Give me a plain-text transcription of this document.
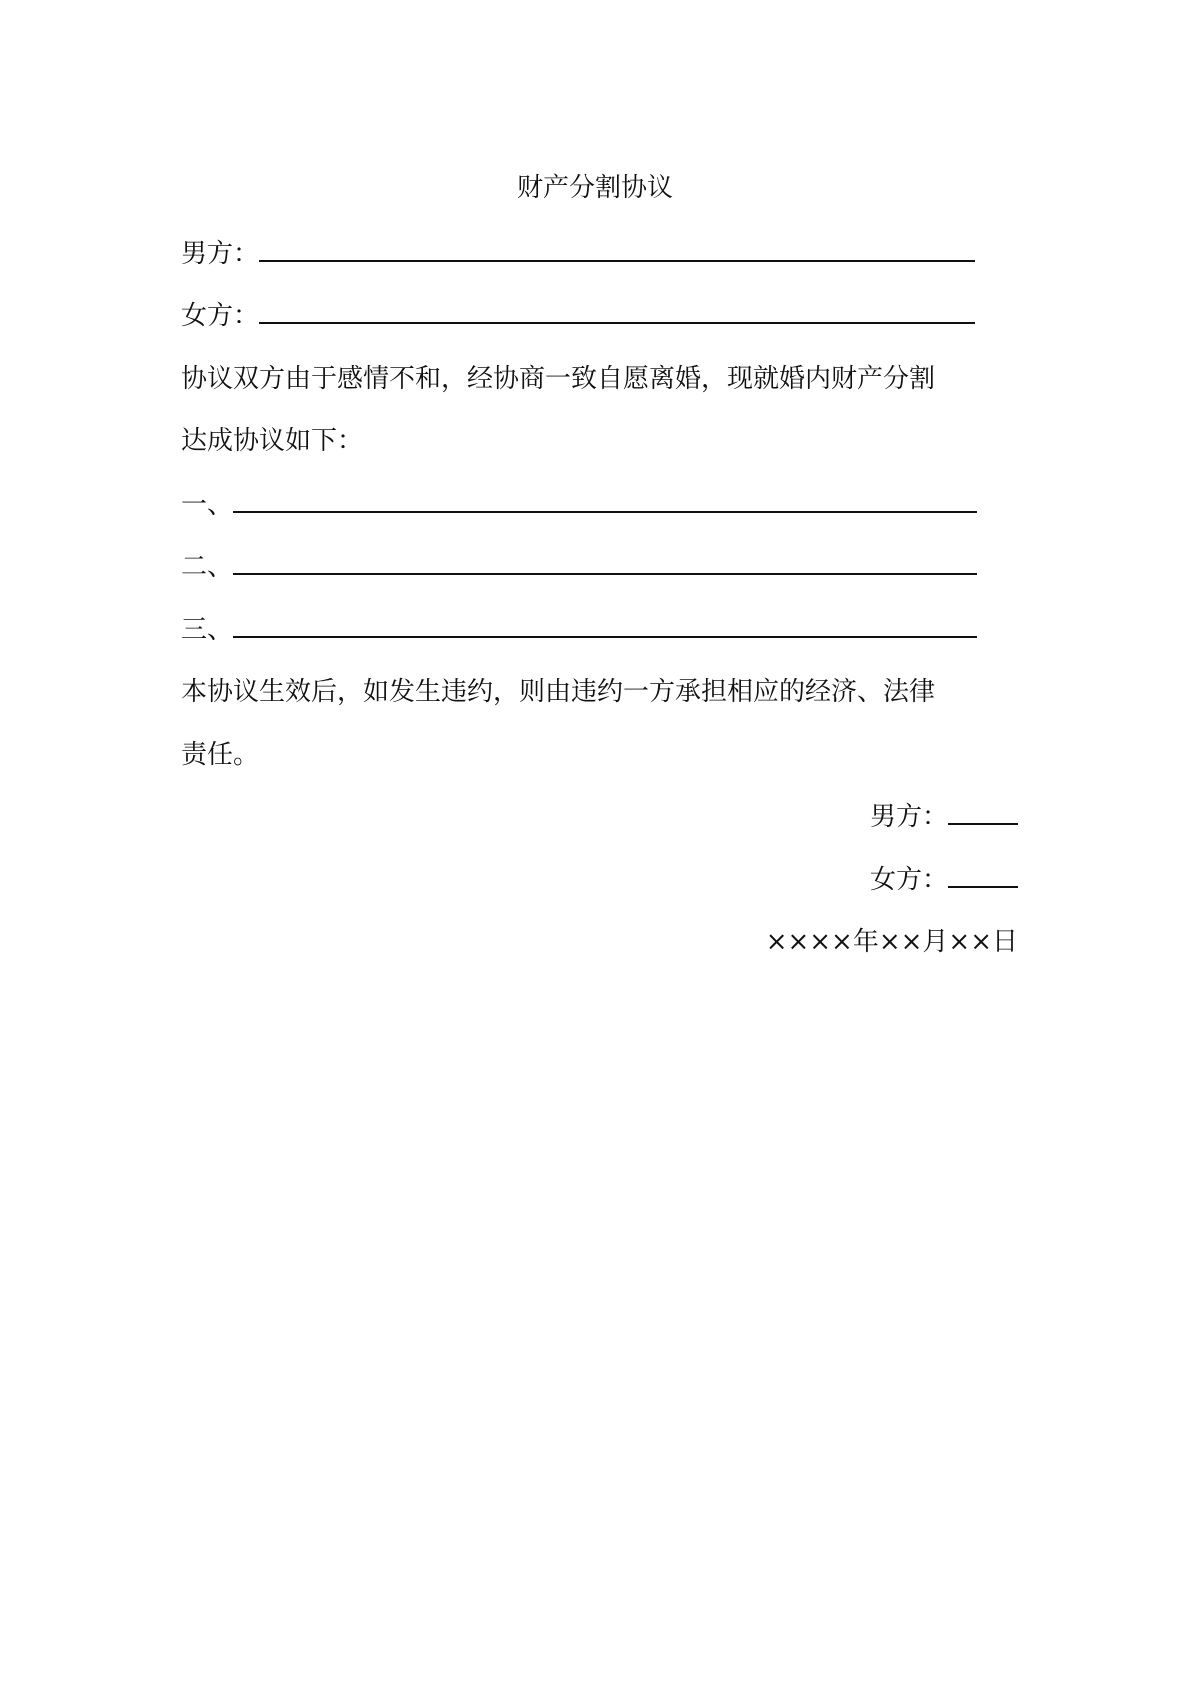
财产分割协议
男方：
女方：
协议双方由于感情不和，经协商一致自愿离婚，现就婚内财产分割
达成协议如下：
一、
二、
三、
本协议生效后，如发生违约，则由违约一方承担相应的经济、法律
责任。
男方：
女方：
××××年××月××日
